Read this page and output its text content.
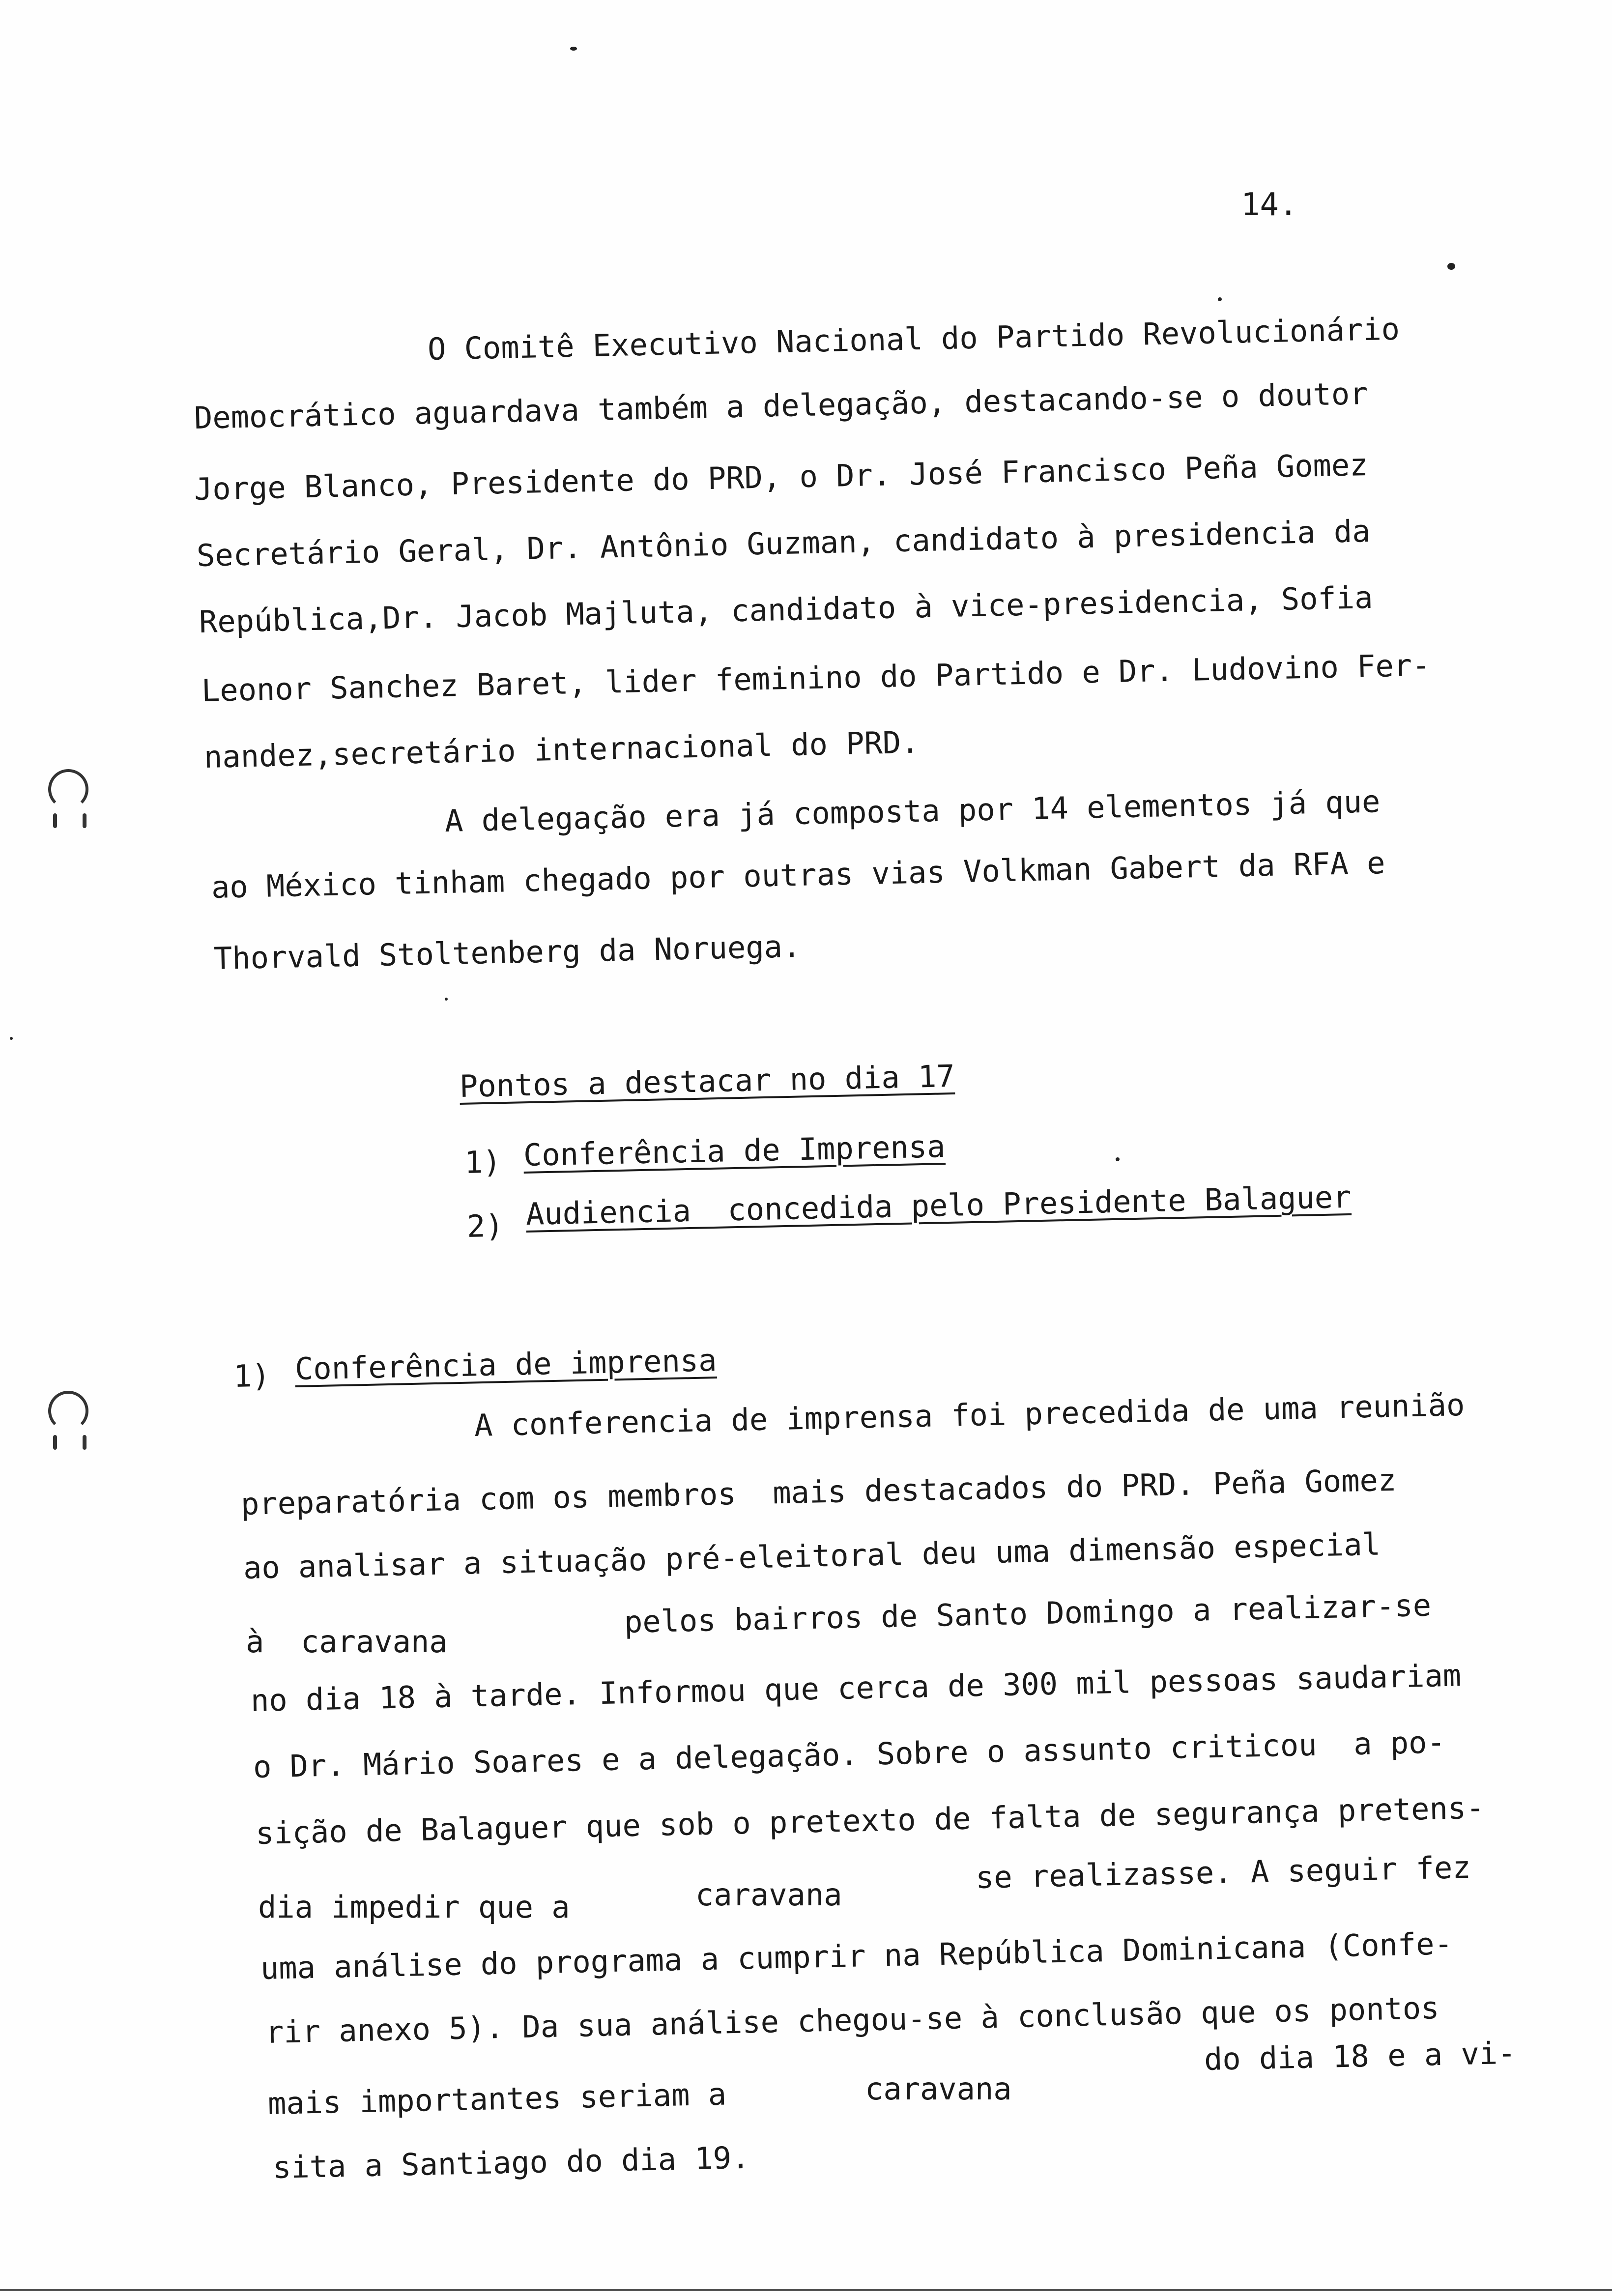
14.
O Comitê Executivo Nacional do Partido Revolucionário
Democrático aguardava também a delegação, destacando-se o doutor
Jorge Blanco, Presidente do PRD, o Dr. José Francisco Peña Gomez
Secretário Geral, Dr. Antônio Guzman, candidato à presidencia da
República,Dr. Jacob Majluta, candidato à vice-presidencia, Sofia
Leonor Sanchez Baret, lider feminino do Partido e Dr. Ludovino Fer-
nandez,secretário internacional do PRD.
A delegação era já composta por 14 elementos já que
ao México tinham chegado por outras vias Volkman Gabert da RFA e
Thorvald Stoltenberg da Noruega.
Pontos a destacar no dia 17
1) Conferência de Imprensa
2) Audiencia  concedida pelo Presidente Balaguer
1) Conferência de imprensa
A conferencia de imprensa foi precedida de uma reunião
preparatória com os membros  mais destacados do PRD. Peña Gomez
ao analisar a situação pré-eleitoral deu uma dimensão especial
à  caravana
pelos bairros de Santo Domingo a realizar-se
no dia 18 à tarde. Informou que cerca de 300 mil pessoas saudariam
o Dr. Mário Soares e a delegação. Sobre o assunto criticou  a po-
sição de Balaguer que sob o pretexto de falta de segurança pretens-
dia impedir que a	caravana	se realizasse. A seguir fez
uma análise do programa a cumprir na República Dominicana (Confe-
rir anexo 5). Da sua análise chegou-se à conclusão que os pontos
mais importantes seriam a	caravana
do dia 18 e a vi-
sita a Santiago do dia 19.
